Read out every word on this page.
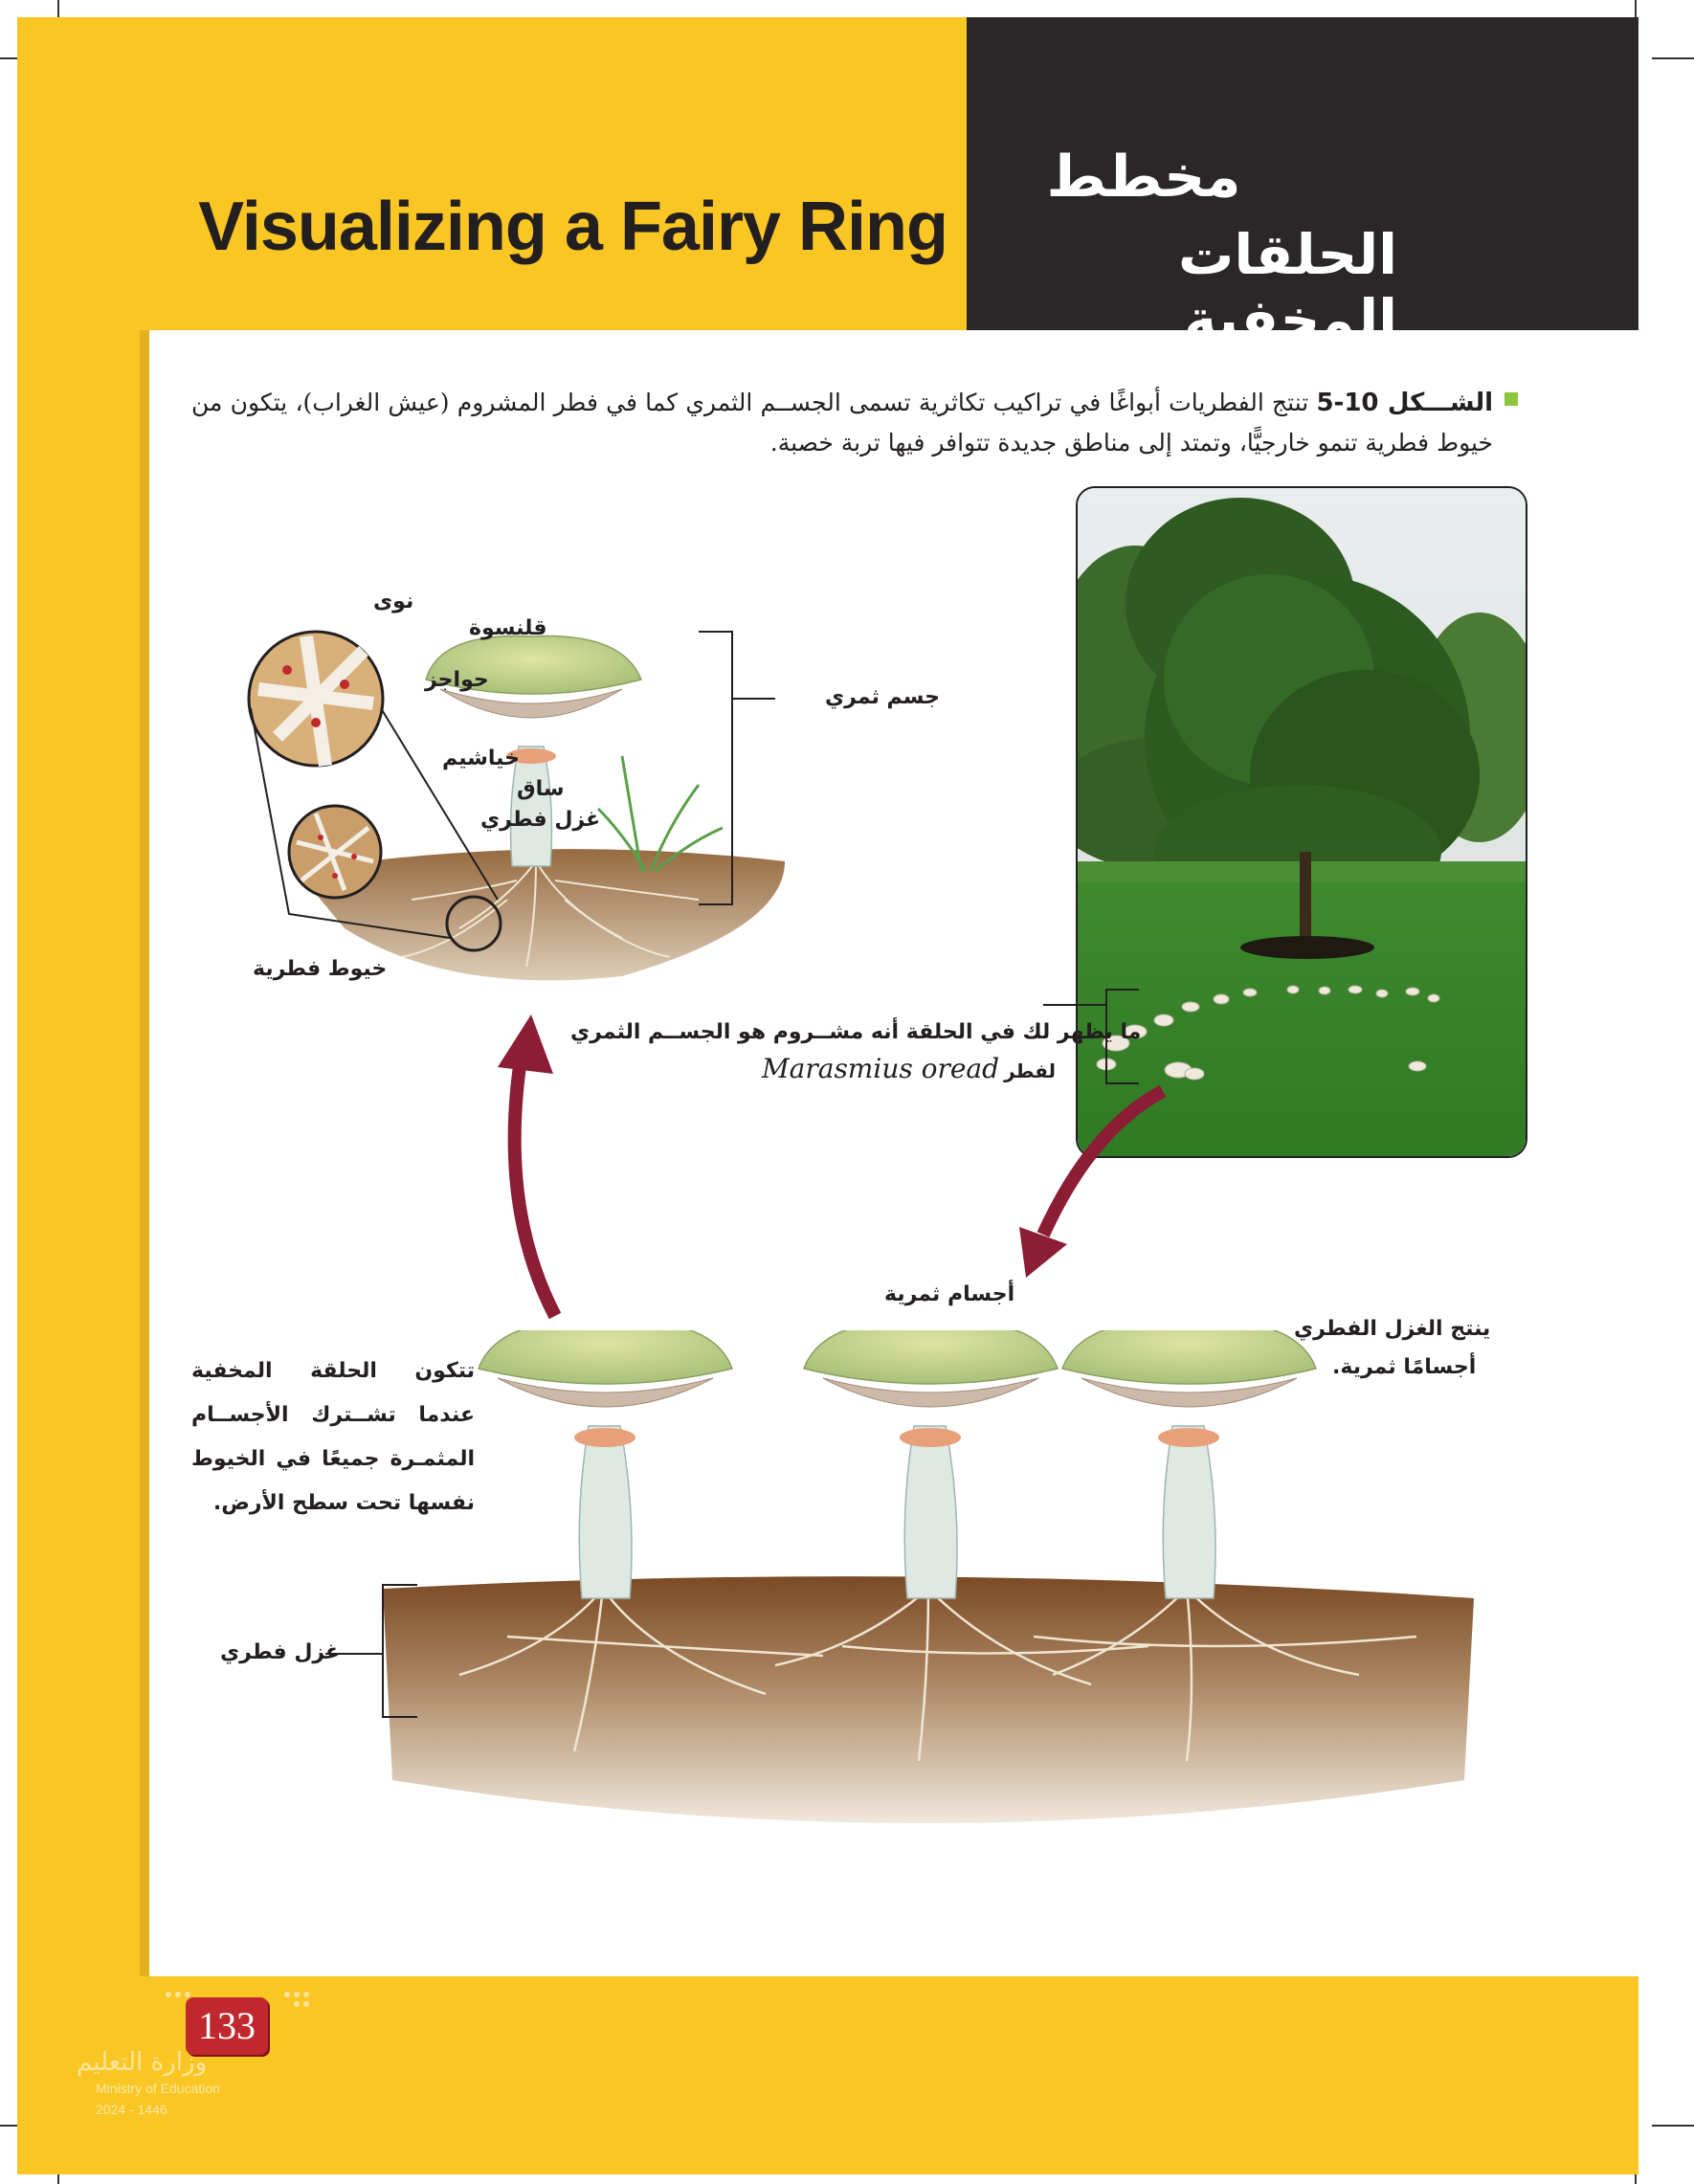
Visualizing a Fairy Ring
مخطط
الحلقات المخفية
الشـــكل 10-5 تنتج الفطريات أبواغًا في تراكيب تكاثرية تسمى الجســم الثمري كما في فطر المشروم (عيش الغراب)، يتكون من خيوط فطرية تنمو خارجيًّا، وتمتد إلى مناطق جديدة تتوافر فيها تربة خصبة.
نوى
قلنسوة
حواجز
جسم ثمري
خياشيم
ساق
غزل فطري
خيوط فطرية
ما يظهر لك في الحلقة أنه مشــروم هو الجســم الثمري
Marasmius oread لفطر
أجسام ثمرية
ينتج الغزل الفطري
أجسامًا ثمرية.
تتكون الحلقة المخفية عندما تشــترك الأجســام المثمـرة جميعًا في الخيوط نفسها تحت سطح الأرض.
غزل فطري
133
وزارة التعليم
Ministry of Education
2024 - 1446
